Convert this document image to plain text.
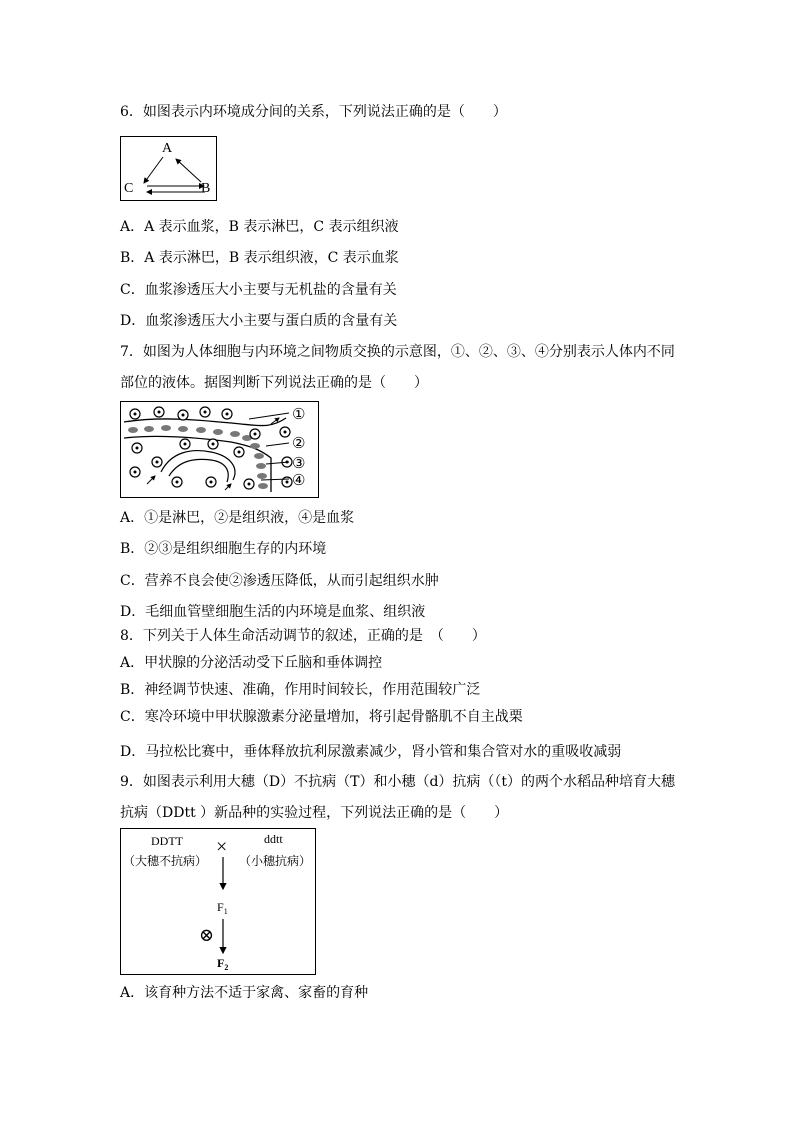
6．如图表示内环境成分间的关系，下列说法正确的是（　　）
A
B
C
A．A 表示血浆，B 表示淋巴，C 表示组织液
B．A 表示淋巴，B 表示组织液，C 表示血浆
C．血浆渗透压大小主要与无机盐的含量有关
D．血浆渗透压大小主要与蛋白质的含量有关
7．如图为人体细胞与内环境之间物质交换的示意图，①、②、③、④分别表示人体内不同
部位的液体。据图判断下列说法正确的是（　　）
①
②
③
④
A．①是淋巴，②是组织液，④是血浆
B．②③是组织细胞生存的内环境
C．营养不良会使②渗透压降低，从而引起组织水肿
D．毛细血管壁细胞生活的内环境是血浆、组织液
8．下列关于人体生命活动调节的叙述，正确的是　（　　）
A．甲状腺的分泌活动受下丘脑和垂体调控
B．神经调节快速、准确，作用时间较长，作用范围较广泛
C．寒冷环境中甲状腺激素分泌量增加，将引起骨骼肌不自主战栗
D．马拉松比赛中，垂体释放抗利尿激素减少，肾小管和集合管对水的重吸收减弱
9．如图表示利用大穗（D）不抗病（T）和小穗（d）抗病（（t）的两个水稻品种培育大穗
抗病（DDtt ）新品种的实验过程，下列说法正确的是（　　）
DDTT
（大穗不抗病）
×	ddtt
（小穗抗病）
$F_1$
⊗
$F_2$
A．该育种方法不适于家禽、家畜的育种
